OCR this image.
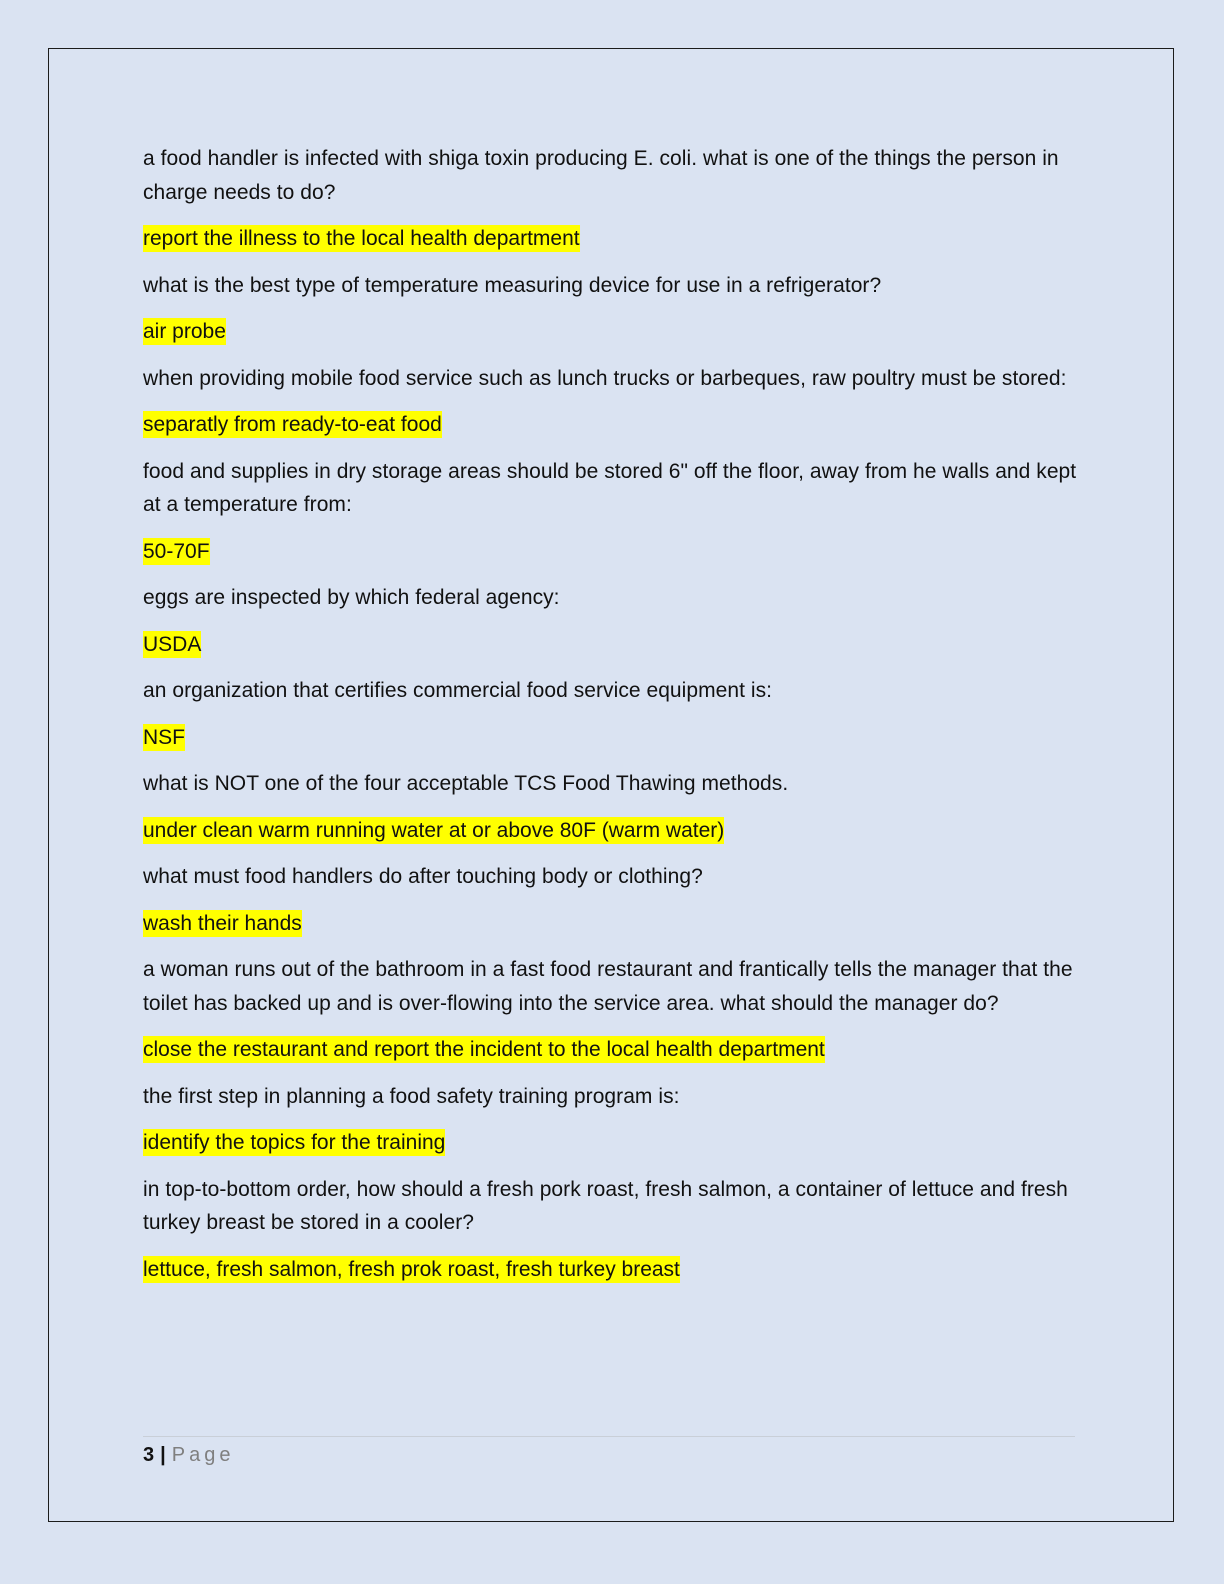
a food handler is infected with shiga toxin producing E. coli. what is one of the things the person in charge needs to do?

report the illness to the local health department

what is the best type of temperature measuring device for use in a refrigerator?

air probe

when providing mobile food service such as lunch trucks or barbeques, raw poultry must be stored:

separatly from ready-to-eat food

food and supplies in dry storage areas should be stored 6" off the floor, away from he walls and kept at a temperature from:

50-70F

eggs are inspected by which federal agency:

USDA

an organization that certifies commercial food service equipment is:

NSF

what is NOT one of the four acceptable TCS Food Thawing methods.

under clean warm running water at or above 80F (warm water)

what must food handlers do after touching body or clothing?

wash their hands

a woman runs out of the bathroom in a fast food restaurant and frantically tells the manager that the toilet has backed up and is over-flowing into the service area. what should the manager do?

close the restaurant and report the incident to the local health department

the first step in planning a food safety training program is:

identify the topics for the training

in top-to-bottom order, how should a fresh pork roast, fresh salmon, a container of lettuce and fresh turkey breast be stored in a cooler?

lettuce, fresh salmon, fresh prok roast, fresh turkey breast

3 | Page
